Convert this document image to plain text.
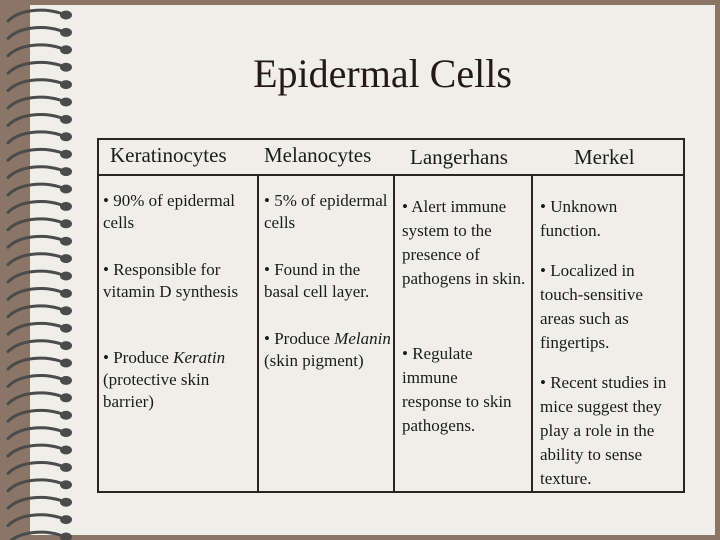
Epidermal Cells
Keratinocytes Melanocytes Langerhans	Merkel

• 90% of epidermal cells

• Responsible for vitamin D synthesis

• Produce Keratin (protective skin barrier)

• 5% of epidermal cells

• Found in the basal cell layer.

• Produce Melanin (skin pigment)

• Alert immune system to the presence of pathogens in skin.

• Regulate immune response to skin pathogens.

• Unknown function.

• Localized in touch-sensitive areas such as fingertips.

• Recent studies in mice suggest they play a role in the ability to sense texture.
